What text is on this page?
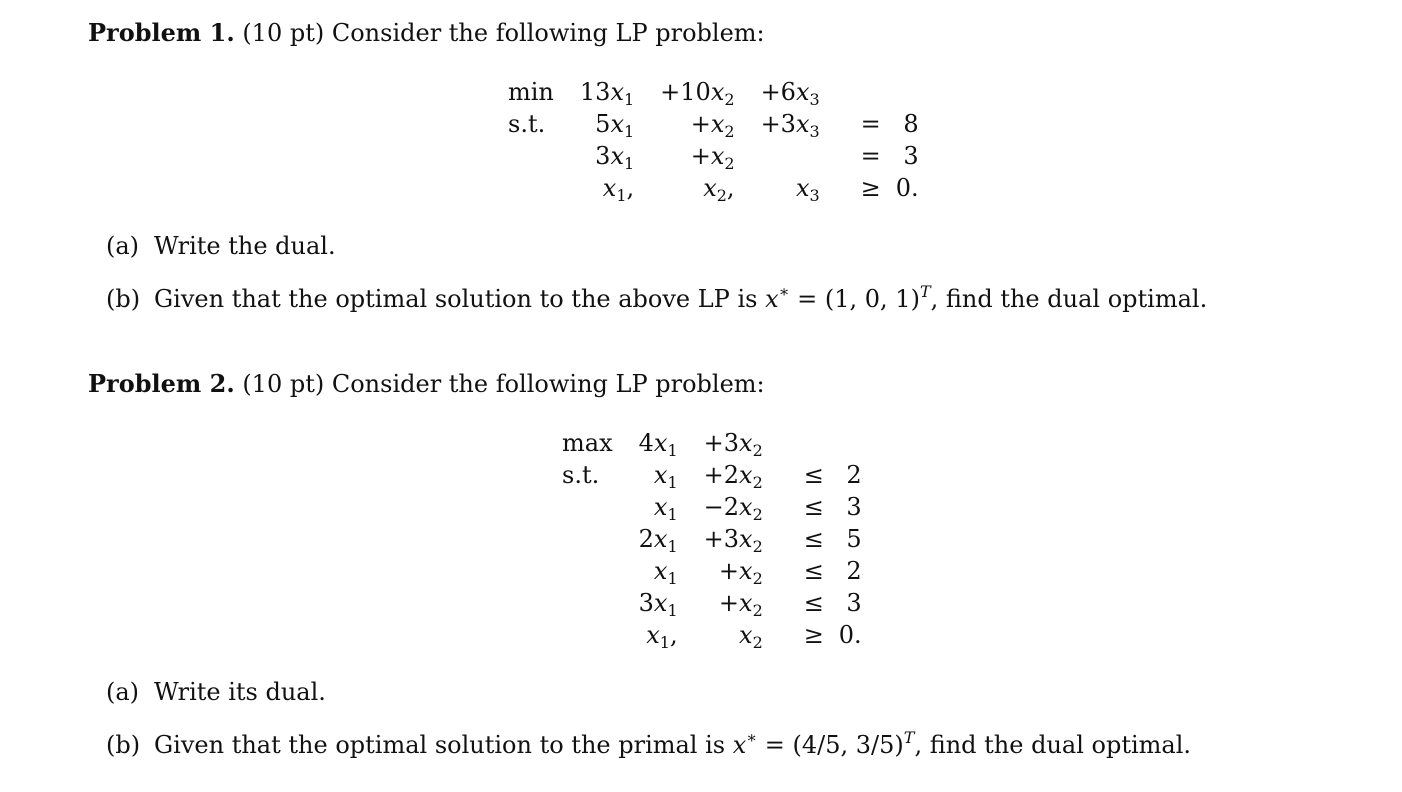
Problem 1. (10 pt) Consider the following LP problem:
min	$13x_1$	$+10x_2$	$+6x_3$		
s.t.	$5x_1$	$+x_2$	$+3x_3$	=	8
	$3x_1$	$+x_2$		=	3
	$x_1$,	$x_2$,	$x_3$	≥	0.
(a) Write the dual.
(b) Given that the optimal solution to the above LP is x∗ = (1, 0, 1)$^T$, find the dual optimal.
Problem 2. (10 pt) Consider the following LP problem:
max	$4x_1$	$+3x_2$		
s.t.	$x_1$	$+2x_2$	≤	2
	$x_1$	$-2x_2$	≤	3
	$2x_1$	$+3x_2$	≤	5
	$x_1$	$+x_2$	≤	2
	$3x_1$	$+x_2$	≤	3
	$x_1$,	$x_2$	≥	0.
(a) Write its dual.
(b) Given that the optimal solution to the primal is x∗ = (4/5, 3/5)$^T$, find the dual optimal.
